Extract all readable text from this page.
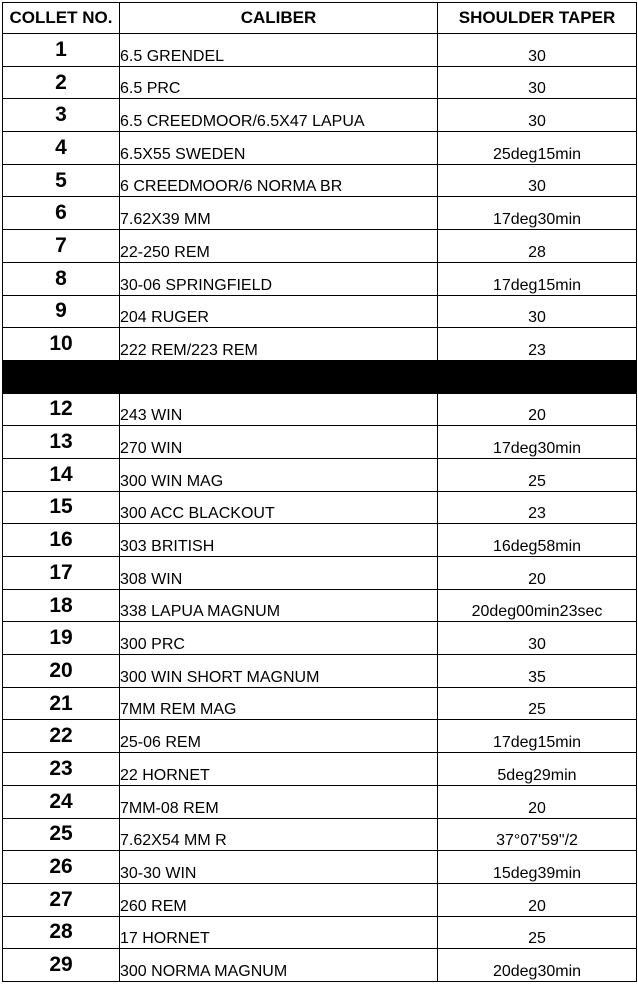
COLLET NO.	CALIBER	SHOULDER TAPER
1	6.5 GRENDEL	30
2	6.5 PRC	30
3	6.5 CREEDMOOR/6.5X47 LAPUA	30
4	6.5X55 SWEDEN	25deg15min
5	6 CREEDMOOR/6 NORMA BR	30
6	7.62X39 MM	17deg30min
7	22-250 REM	28
8	30-06 SPRINGFIELD	17deg15min
9	204 RUGER	30
10	222 REM/223 REM	23

12	243 WIN	20
13	270 WIN	17deg30min
14	300 WIN MAG	25
15	300 ACC BLACKOUT	23
16	303 BRITISH	16deg58min
17	308 WIN	20
18	338 LAPUA MAGNUM	20deg00min23sec
19	300 PRC	30
20	300 WIN SHORT MAGNUM	35
21	7MM REM MAG	25
22	25-06 REM	17deg15min
23	22 HORNET	5deg29min
24	7MM-08 REM	20
25	7.62X54 MM R	37°07'59"/2
26	30-30 WIN	15deg39min
27	260 REM	20
28	17 HORNET	25
29	300 NORMA MAGNUM	20deg30min
